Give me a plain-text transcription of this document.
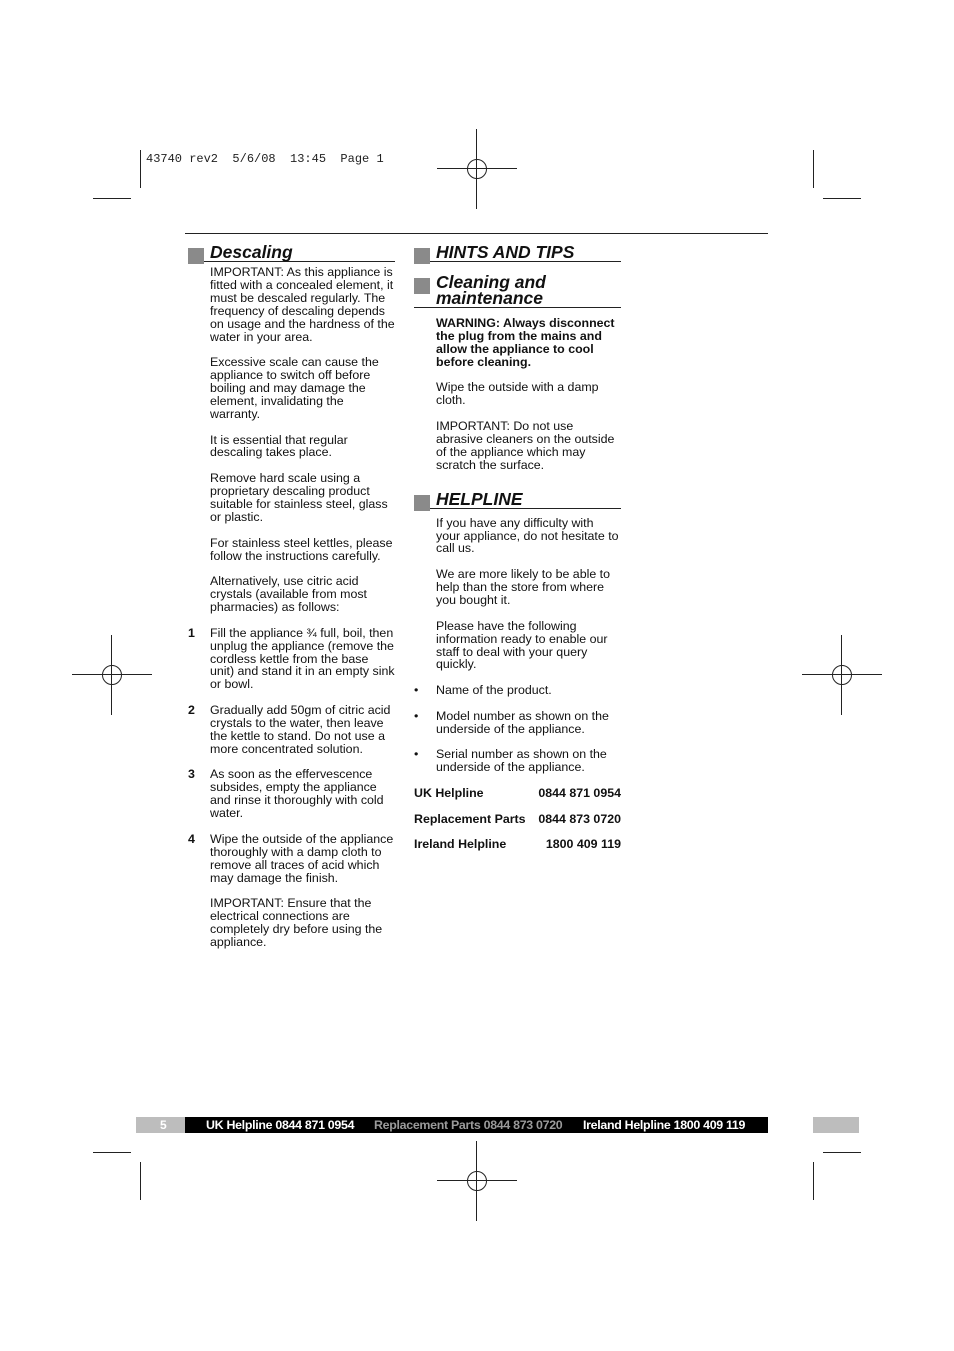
43740 rev2  5/6/08  13:45  Page 1
Descaling

IMPORTANT: As this appliance is fitted with a concealed element, it must be descaled regularly. The frequency of descaling depends on usage and the hardness of the water in your area.

Excessive scale can cause the appliance to switch off before boiling and may damage the element, invalidating the warranty.

It is essential that regular descaling takes place.

Remove hard scale using a proprietary descaling product suitable for stainless steel, glass or plastic.

For stainless steel kettles, please follow the instructions carefully.

Alternatively, use citric acid crystals (available from most pharmacies) as follows:

1 Fill the appliance ¾ full, boil, then unplug the appliance (remove the cordless kettle from the base unit) and stand it in an empty sink or bowl.
2 Gradually add 50gm of citric acid crystals to the water, then leave the kettle to stand. Do not use a more concentrated solution.
3 As soon as the effervescence subsides, empty the appliance and rinse it thoroughly with cold water.
4 Wipe the outside of the appliance thoroughly with a damp cloth to remove all traces of acid which may damage the finish.

IMPORTANT: Ensure that the electrical connections are completely dry before using the appliance.

HINTS AND TIPS
Cleaning and maintenance

WARNING: Always disconnect the plug from the mains and allow the appliance to cool before cleaning.

Wipe the outside with a damp cloth.

IMPORTANT: Do not use abrasive cleaners on the outside of the appliance which may scratch the surface.

HELPLINE

If you have any difficulty with your appliance, do not hesitate to call us.

We are more likely to be able to help than the store from where you bought it.

Please have the following information ready to enable our staff to deal with your query quickly.

• Name of the product.
• Model number as shown on the underside of the appliance.
• Serial number as shown on the underside of the appliance.
UK Helpline	0844 871 0954
Replacement Parts	0844 873 0720
Ireland Helpline	1800 409 119
5	UK Helpline 0844 871 0954 Replacement Parts 0844 873 0720 Ireland Helpline 1800 409 119
